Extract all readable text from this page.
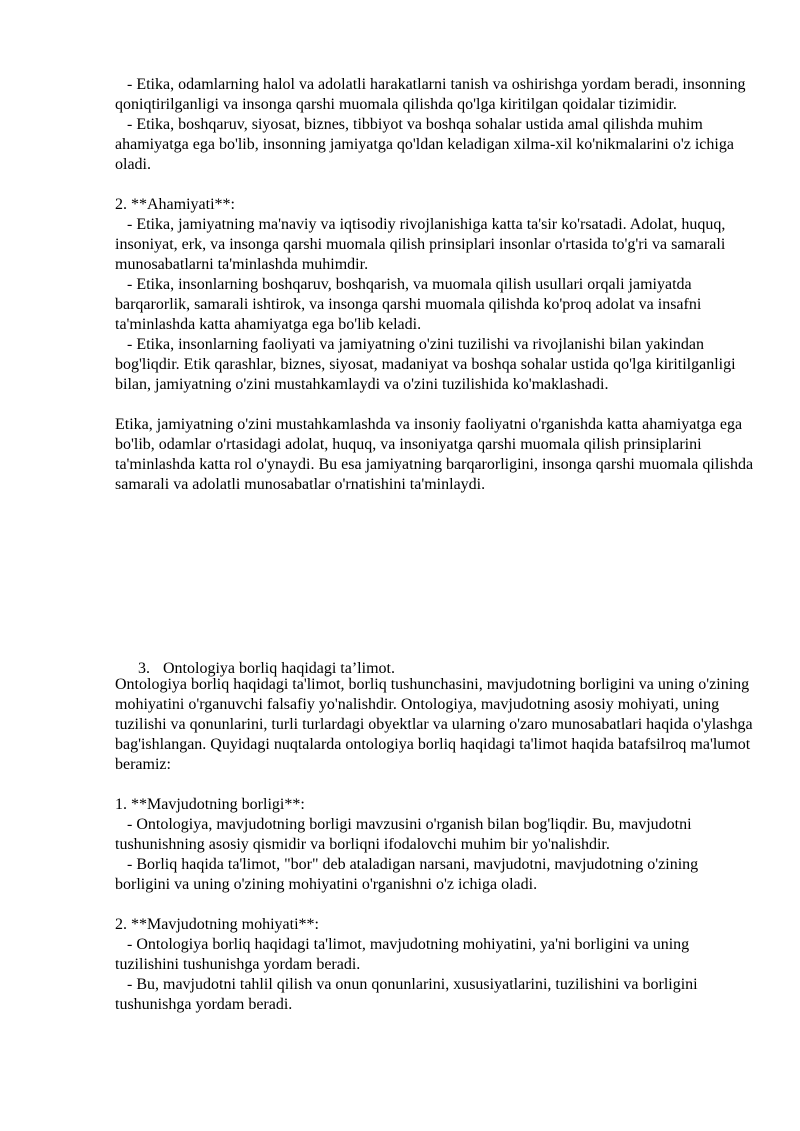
- Etika, odamlarning halol va adolatli harakatlarni tanish va oshirishga yordam beradi, insonning qoniqtirilganligi va insonga qarshi muomala qilishda qo'lga kiritilgan qoidalar tizimidir.
- Etika, boshqaruv, siyosat, biznes, tibbiyot va boshqa sohalar ustida amal qilishda muhim ahamiyatga ega bo'lib, insonning jamiyatga qo'ldan keladigan xilma-xil ko'nikmalarini o'z ichiga oladi.

2. **Ahamiyati**:
- Etika, jamiyatning ma'naviy va iqtisodiy rivojlanishiga katta ta'sir ko'rsatadi. Adolat, huquq, insoniyat, erk, va insonga qarshi muomala qilish prinsiplari insonlar o'rtasida to'g'ri va samarali munosabatlarni ta'minlashda muhimdir.
- Etika, insonlarning boshqaruv, boshqarish, va muomala qilish usullari orqali jamiyatda barqarorlik, samarali ishtirok, va insonga qarshi muomala qilishda ko'proq adolat va insafni ta'minlashda katta ahamiyatga ega bo'lib keladi.
- Etika, insonlarning faoliyati va jamiyatning o'zini tuzilishi va rivojlanishi bilan yakindan bog'liqdir. Etik qarashlar, biznes, siyosat, madaniyat va boshqa sohalar ustida qo'lga kiritilganligi bilan, jamiyatning o'zini mustahkamlaydi va o'zini tuzilishida ko'maklashadi.

Etika, jamiyatning o'zini mustahkamlashda va insoniy faoliyatni o'rganishda katta ahamiyatga ega bo'lib, odamlar o'rtasidagi adolat, huquq, va insoniyatga qarshi muomala qilish prinsiplarini ta'minlashda katta rol o'ynaydi. Bu esa jamiyatning barqarorligini, insonga qarshi muomala qilishda samarali va adolatli munosabatlar o'rnatishini ta'minlaydi.
3. Ontologiya borliq haqidagi ta’limot.
Ontologiya borliq haqidagi ta'limot, borliq tushunchasini, mavjudotning borligini va uning o'zining mohiyatini o'rganuvchi falsafiy yo'nalishdir. Ontologiya, mavjudotning asosiy mohiyati, uning tuzilishi va qonunlarini, turli turlardagi obyektlar va ularning o'zaro munosabatlari haqida o'ylashga bag'ishlangan. Quyidagi nuqtalarda ontologiya borliq haqidagi ta'limot haqida batafsilroq ma'lumot beramiz:

1. **Mavjudotning borligi**:
- Ontologiya, mavjudotning borligi mavzusini o'rganish bilan bog'liqdir. Bu, mavjudotni tushunishning asosiy qismidir va borliqni ifodalovchi muhim bir yo'nalishdir.
- Borliq haqida ta'limot, "bor" deb ataladigan narsani, mavjudotni, mavjudotning o'zining borligini va uning o'zining mohiyatini o'rganishni o'z ichiga oladi.

2. **Mavjudotning mohiyati**:
- Ontologiya borliq haqidagi ta'limot, mavjudotning mohiyatini, ya'ni borligini va uning tuzilishini tushunishga yordam beradi.
- Bu, mavjudotni tahlil qilish va onun qonunlarini, xususiyatlarini, tuzilishini va borligini tushunishga yordam beradi.
